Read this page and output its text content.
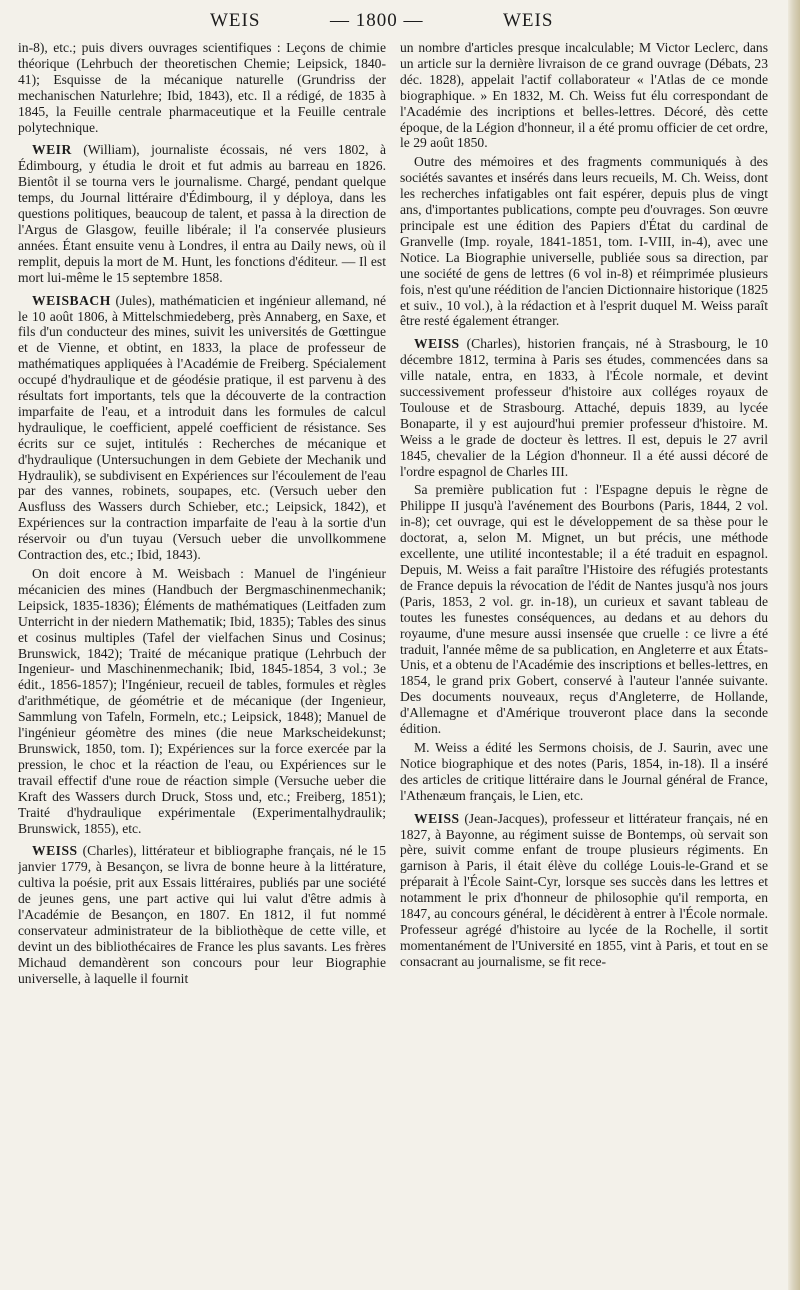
WEIS	— 1800 —	WEIS

in-8), etc.; puis divers ouvrages scientifiques : Leçons de chimie théorique (Lehrbuch der theoretischen Chemie; Leipsick, 1840-41); Esquisse de la mécanique naturelle (Grundriss der mechanischen Naturlehre; Ibid, 1843), etc. Il a rédigé, de 1835 à 1845, la Feuille centrale pharmaceutique et la Feuille centrale polytechnique.

WEIR (William), journaliste écossais, né vers 1802, à Édimbourg, y étudia le droit et fut admis au barreau en 1826. Bientôt il se tourna vers le journalisme. Chargé, pendant quelque temps, du Journal littéraire d'Édimbourg, il y déploya, dans les questions politiques, beaucoup de talent, et passa à la direction de l'Argus de Glasgow, feuille libérale; il l'a conservée plusieurs années. Étant ensuite venu à Londres, il entra au Daily news, où il remplit, depuis la mort de M. Hunt, les fonctions d'éditeur. — Il est mort lui-même le 15 septembre 1858.

WEISBACH (Jules), mathématicien et ingénieur allemand, né le 10 août 1806, à Mittelschmiedeberg, près Annaberg, en Saxe, et fils d'un conducteur des mines, suivit les universités de Gœttingue et de Vienne, et obtint, en 1833, la place de professeur de mathématiques appliquées à l'Académie de Freiberg. Spécialement occupé d'hydraulique et de géodésie pratique, il est parvenu à des résultats fort importants, tels que la découverte de la contraction imparfaite de l'eau, et a introduit dans les formules de calcul hydraulique, le coefficient, appelé coefficient de résistance. Ses écrits sur ce sujet, intitulés : Recherches de mécanique et d'hydraulique (Untersuchungen in dem Gebiete der Mechanik und Hydraulik), se subdivisent en Expériences sur l'écoulement de l'eau par des vannes, robinets, soupapes, etc. (Versuch ueber den Ausfluss des Wassers durch Schieber, etc.; Leipsick, 1842), et Expériences sur la contraction imparfaite de l'eau à la sortie d'un réservoir ou d'un tuyau (Versuch ueber die unvollkommene Contraction des, etc.; Ibid, 1843).

On doit encore à M. Weisbach : Manuel de l'ingénieur mécanicien des mines (Handbuch der Bergmaschinenmechanik; Leipsick, 1835-1836); Éléments de mathématiques (Leitfaden zum Unterricht in der niedern Mathematik; Ibid, 1835); Tables des sinus et cosinus multiples (Tafel der vielfachen Sinus und Cosinus; Brunswick, 1842); Traité de mécanique pratique (Lehrbuch der Ingenieur- und Maschinenmechanik; Ibid, 1845-1854, 3 vol.; 3e édit., 1856-1857); l'Ingénieur, recueil de tables, formules et règles d'arithmétique, de géométrie et de mécanique (der Ingenieur, Sammlung von Tafeln, Formeln, etc.; Leipsick, 1848); Manuel de l'ingénieur géomètre des mines (die neue Markscheidekunst; Brunswick, 1850, tom. I); Expériences sur la force exercée par la pression, le choc et la réaction de l'eau, ou Expériences sur le travail effectif d'une roue de réaction simple (Versuche ueber die Kraft des Wassers durch Druck, Stoss und, etc.; Freiberg, 1851); Traité d'hydraulique expérimentale (Experimentalhydraulik; Brunswick, 1855), etc.

WEISS (Charles), littérateur et bibliographe français, né le 15 janvier 1779, à Besançon, se livra de bonne heure à la littérature, cultiva la poésie, prit aux Essais littéraires, publiés par une société de jeunes gens, une part active qui lui valut d'être admis à l'Académie de Besançon, en 1807. En 1812, il fut nommé conservateur administrateur de la bibliothèque de cette ville, et devint un des bibliothécaires de France les plus savants. Les frères Michaud demandèrent son concours pour leur Biographie universelle, à laquelle il fournit

un nombre d'articles presque incalculable; M Victor Leclerc, dans un article sur la dernière livraison de ce grand ouvrage (Débats, 23 déc. 1828), appelait l'actif collaborateur « l'Atlas de ce monde biographique. » En 1832, M. Ch. Weiss fut élu correspondant de l'Académie des incriptions et belles-lettres. Décoré, dès cette époque, de la Légion d'honneur, il a été promu officier de cet ordre, le 29 août 1850.

Outre des mémoires et des fragments communiqués à des sociétés savantes et insérés dans leurs recueils, M. Ch. Weiss, dont les recherches infatigables ont fait espérer, depuis plus de vingt ans, d'importantes publications, compte peu d'ouvrages. Son œuvre principale est une édition des Papiers d'État du cardinal de Granvelle (Imp. royale, 1841-1851, tom. I-VIII, in-4), avec une Notice. La Biographie universelle, publiée sous sa direction, par une société de gens de lettres (6 vol in-8) et réimprimée plusieurs fois, n'est qu'une réédition de l'ancien Dictionnaire historique (1825 et suiv., 10 vol.), à la rédaction et à l'esprit duquel M. Weiss paraît être resté également étranger.

WEISS (Charles), historien français, né à Strasbourg, le 10 décembre 1812, termina à Paris ses études, commencées dans sa ville natale, entra, en 1833, à l'École normale, et devint successivement professeur d'histoire aux colléges royaux de Toulouse et de Strasbourg. Attaché, depuis 1839, au lycée Bonaparte, il y est aujourd'hui premier professeur d'histoire. M. Weiss a le grade de docteur ès lettres. Il est, depuis le 27 avril 1845, chevalier de la Légion d'honneur. Il a été aussi décoré de l'ordre espagnol de Charles III.

Sa première publication fut : l'Espagne depuis le règne de Philippe II jusqu'à l'avénement des Bourbons (Paris, 1844, 2 vol. in-8); cet ouvrage, qui est le développement de sa thèse pour le doctorat, a, selon M. Mignet, un but précis, une méthode excellente, une utilité incontestable; il a été traduit en espagnol. Depuis, M. Weiss a fait paraître l'Histoire des réfugiés protestants de France depuis la révocation de l'édit de Nantes jusqu'à nos jours (Paris, 1853, 2 vol. gr. in-18), un curieux et savant tableau de toutes les funestes conséquences, au dedans et au dehors du royaume, d'une mesure aussi insensée que cruelle : ce livre a été traduit, l'année même de sa publication, en Angleterre et aux États-Unis, et a obtenu de l'Académie des inscriptions et belles-lettres, en 1854, le grand prix Gobert, conservé à l'auteur l'année suivante. Des documents nouveaux, reçus d'Angleterre, de Hollande, d'Allemagne et d'Amérique trouveront place dans la seconde édition.

M. Weiss a édité les Sermons choisis, de J. Saurin, avec une Notice biographique et des notes (Paris, 1854, in-18). Il a inséré des articles de critique littéraire dans le Journal général de France, l'Athenæum français, le Lien, etc.

WEISS (Jean-Jacques), professeur et littérateur français, né en 1827, à Bayonne, au régiment suisse de Bontemps, où servait son père, suivit comme enfant de troupe plusieurs régiments. En garnison à Paris, il était élève du collége Louis-le-Grand et se préparait à l'École Saint-Cyr, lorsque ses succès dans les lettres et notamment le prix d'honneur de philosophie qu'il remporta, en 1847, au concours général, le décidèrent à entrer à l'École normale. Professeur agrégé d'histoire au lycée de la Rochelle, il sortit momentanément de l'Université en 1855, vint à Paris, et tout en se consacrant au journalisme, se fit rece-
